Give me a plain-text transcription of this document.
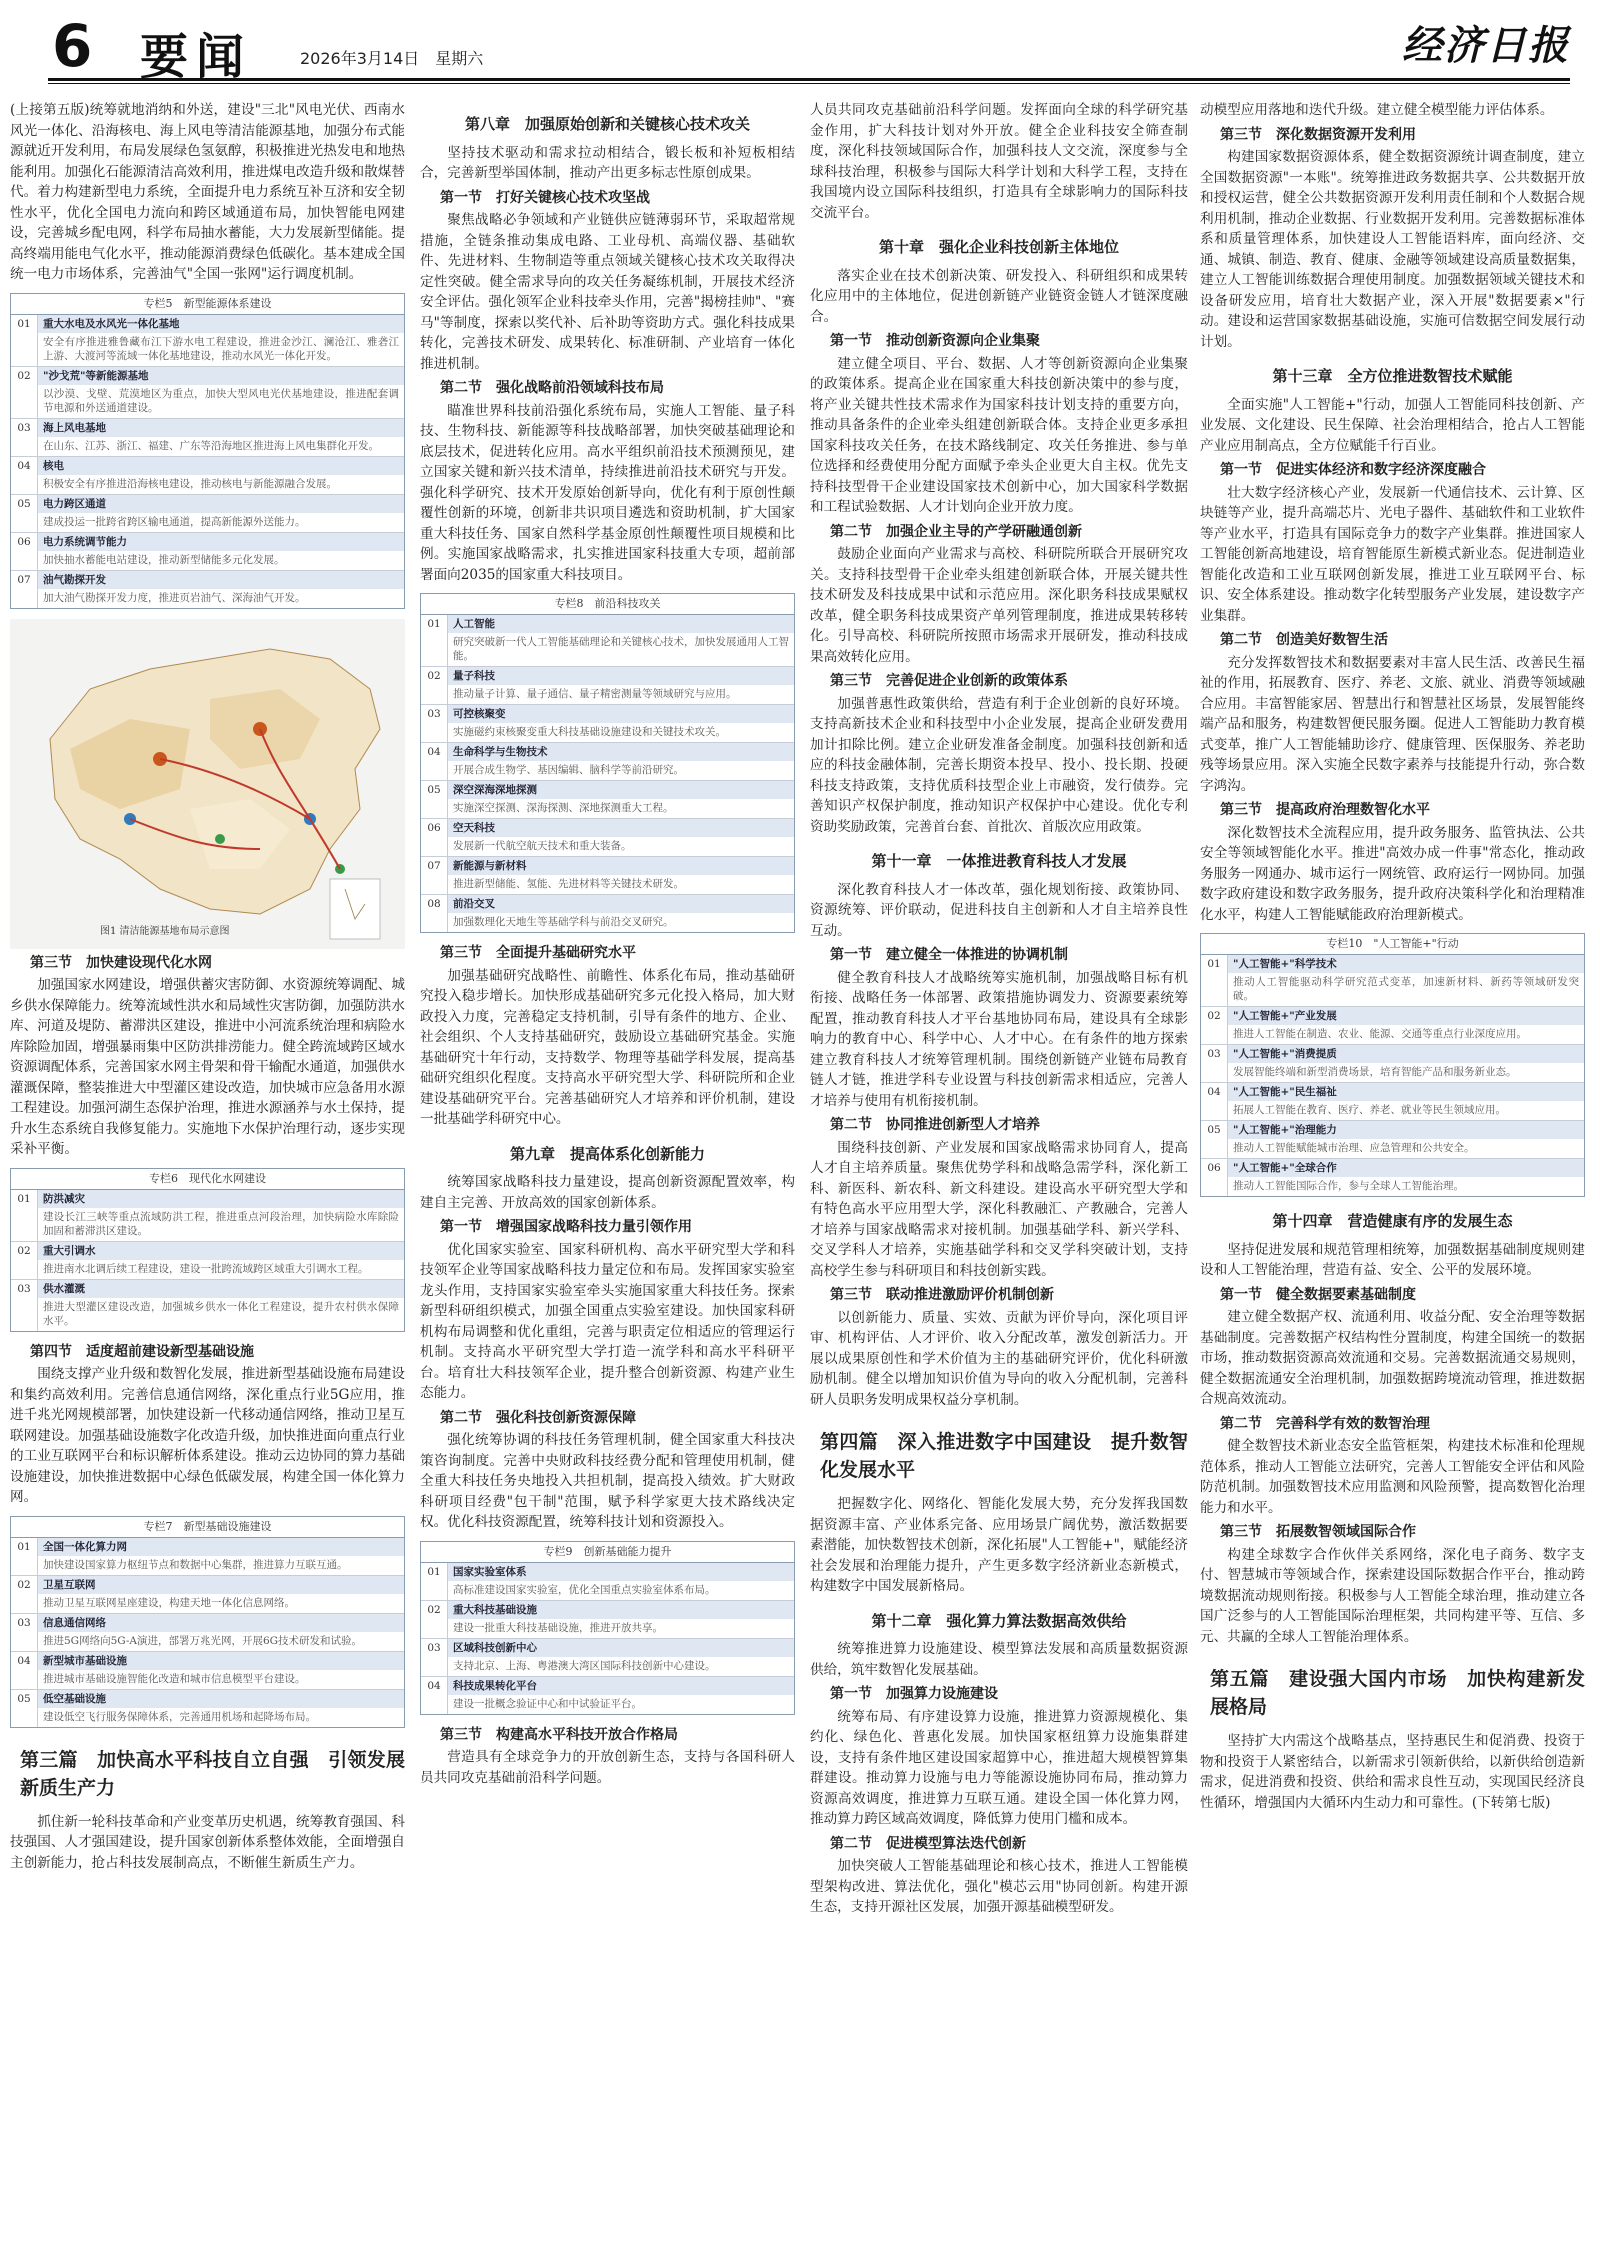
6 要闻	2026年3月14日　星期六	经济日报

(上接第五版)统筹就地消纳和外送，建设"三北"风电光伏、西南水风光一体化、沿海核电、海上风电等清洁能源基地，加强分布式能源就近开发利用，布局发展绿色氢氨醇，积极推进光热发电和地热能利用。加强化石能源清洁高效利用，推进煤电改造升级和散煤替代。着力构建新型电力系统，全面提升电力系统互补互济和安全韧性水平，优化全国电力流向和跨区域通道布局，加快智能电网建设，完善城乡配电网，科学布局抽水蓄能，大力发展新型储能。提高终端用能电气化水平，推动能源消费绿色低碳化。基本建成全国统一电力市场体系，完善油气"全国一张网"运行调度机制。

专栏5　新型能源体系建设
01	重大水电及水风光一体化基地
安全有序推进雅鲁藏布江下游水电工程建设，推进金沙江、澜沧江、雅砻江上游、大渡河等流域一体化基地建设，推动水风光一体化开发。
02	"沙戈荒"等新能源基地
以沙漠、戈壁、荒漠地区为重点，加快大型风电光伏基地建设，推进配套调节电源和外送通道建设。
03	海上风电基地
在山东、江苏、浙江、福建、广东等沿海地区推进海上风电集群化开发。
04	核电
积极安全有序推进沿海核电建设，推动核电与新能源融合发展。
05	电力跨区通道
建成投运一批跨省跨区输电通道，提高新能源外送能力。
06	电力系统调节能力
加快抽水蓄能电站建设，推动新型储能多元化发展。
07	油气勘探开发
加大油气勘探开发力度，推进页岩油气、深海油气开发。
图1 清洁能源基地布局示意图
第三节　加快建设现代化水网

加强国家水网建设，增强供蓄灾害防御、水资源统筹调配、城乡供水保障能力。统筹流域性洪水和局域性灾害防御，加强防洪水库、河道及堤防、蓄滞洪区建设，推进中小河流系统治理和病险水库除险加固，增强暴雨集中区防洪排涝能力。健全跨流域跨区域水资源调配体系，完善国家水网主骨架和骨干输配水通道，加强供水灌溉保障，整装推进大中型灌区建设改造，加快城市应急备用水源工程建设。加强河湖生态保护治理，推进水源涵养与水土保持，提升水生态系统自我修复能力。实施地下水保护治理行动，逐步实现采补平衡。

专栏6　现代化水网建设
01	防洪减灾
建设长江三峡等重点流域防洪工程，推进重点河段治理，加快病险水库除险加固和蓄滞洪区建设。
02	重大引调水
推进南水北调后续工程建设，建设一批跨流域跨区域重大引调水工程。
03	供水灌溉
推进大型灌区建设改造，加强城乡供水一体化工程建设，提升农村供水保障水平。
第四节　适度超前建设新型基础设施

围绕支撑产业升级和数智化发展，推进新型基础设施布局建设和集约高效利用。完善信息通信网络，深化重点行业5G应用，推进千兆光网规模部署，加快建设新一代移动通信网络，推动卫星互联网建设。加强基础设施数字化改造升级，加快推进面向重点行业的工业互联网平台和标识解析体系建设。推动云边协同的算力基础设施建设，加快推进数据中心绿色低碳发展，构建全国一体化算力网。

专栏7　新型基础设施建设
01	全国一体化算力网
加快建设国家算力枢纽节点和数据中心集群，推进算力互联互通。
02	卫星互联网
推动卫星互联网星座建设，构建天地一体化信息网络。
03	信息通信网络
推进5G网络向5G-A演进，部署万兆光网，开展6G技术研发和试验。
04	新型城市基础设施
推进城市基础设施智能化改造和城市信息模型平台建设。
05	低空基础设施
建设低空飞行服务保障体系，完善通用机场和起降场布局。
第三篇　加快高水平科技自立自强　引领发展新质生产力

抓住新一轮科技革命和产业变革历史机遇，统筹教育强国、科技强国、人才强国建设，提升国家创新体系整体效能，全面增强自主创新能力，抢占科技发展制高点，不断催生新质生产力。

第八章　加强原始创新和关键核心技术攻关

坚持技术驱动和需求拉动相结合，锻长板和补短板相结合，完善新型举国体制，推动产出更多标志性原创成果。

第一节　打好关键核心技术攻坚战

聚焦战略必争领域和产业链供应链薄弱环节，采取超常规措施，全链条推动集成电路、工业母机、高端仪器、基础软件、先进材料、生物制造等重点领域关键核心技术攻关取得决定性突破。健全需求导向的攻关任务凝练机制，开展技术经济安全评估。强化领军企业科技牵头作用，完善"揭榜挂帅"、"赛马"等制度，探索以奖代补、后补助等资助方式。强化科技成果转化，完善技术研发、成果转化、标准研制、产业培育一体化推进机制。

第二节　强化战略前沿领域科技布局

瞄准世界科技前沿强化系统布局，实施人工智能、量子科技、生物科技、新能源等科技战略部署，加快突破基础理论和底层技术，促进转化应用。高水平组织前沿技术预测预见，建立国家关键和新兴技术清单，持续推进前沿技术研究与开发。强化科学研究、技术开发原始创新导向，优化有利于原创性颠覆性创新的环境，创新非共识项目遴选和资助机制，扩大国家重大科技任务、国家自然科学基金原创性颠覆性项目规模和比例。实施国家战略需求，扎实推进国家科技重大专项，超前部署面向2035的国家重大科技项目。

专栏8　前沿科技攻关
01	人工智能
研究突破新一代人工智能基础理论和关键核心技术，加快发展通用人工智能。
02	量子科技
推动量子计算、量子通信、量子精密测量等领域研究与应用。
03	可控核聚变
实施磁约束核聚变重大科技基础设施建设和关键技术攻关。
04	生命科学与生物技术
开展合成生物学、基因编辑、脑科学等前沿研究。
05	深空深海深地探测
实施深空探测、深海探测、深地探测重大工程。
06	空天科技
发展新一代航空航天技术和重大装备。
07	新能源与新材料
推进新型储能、氢能、先进材料等关键技术研发。
08	前沿交叉
加强数理化天地生等基础学科与前沿交叉研究。
第三节　全面提升基础研究水平

加强基础研究战略性、前瞻性、体系化布局，推动基础研究投入稳步增长。加快形成基础研究多元化投入格局，加大财政投入力度，完善稳定支持机制，引导有条件的地方、企业、社会组织、个人支持基础研究，鼓励设立基础研究基金。实施基础研究十年行动，支持数学、物理等基础学科发展，提高基础研究组织化程度。支持高水平研究型大学、科研院所和企业建设基础研究平台。完善基础研究人才培养和评价机制，建设一批基础学科研究中心。

第九章　提高体系化创新能力

统筹国家战略科技力量建设，提高创新资源配置效率，构建自主完善、开放高效的国家创新体系。

第一节　增强国家战略科技力量引领作用

优化国家实验室、国家科研机构、高水平研究型大学和科技领军企业等国家战略科技力量定位和布局。发挥国家实验室龙头作用，支持国家实验室牵头实施国家重大科技任务。探索新型科研组织模式，加强全国重点实验室建设。加快国家科研机构布局调整和优化重组，完善与职责定位相适应的管理运行机制。支持高水平研究型大学打造一流学科和高水平科研平台。培育壮大科技领军企业，提升整合创新资源、构建产业生态能力。

第二节　强化科技创新资源保障

强化统筹协调的科技任务管理机制，健全国家重大科技决策咨询制度。完善中央财政科技经费分配和管理使用机制，健全重大科技任务央地投入共担机制，提高投入绩效。扩大财政科研项目经费"包干制"范围，赋予科学家更大技术路线决定权。优化科技资源配置，统筹科技计划和资源投入。

专栏9　创新基础能力提升
01	国家实验室体系
高标准建设国家实验室，优化全国重点实验室体系布局。
02	重大科技基础设施
建设一批重大科技基础设施，推进开放共享。
03	区域科技创新中心
支持北京、上海、粤港澳大湾区国际科技创新中心建设。
04	科技成果转化平台
建设一批概念验证中心和中试验证平台。
第三节　构建高水平科技开放合作格局

营造具有全球竞争力的开放创新生态，支持与各国科研人员共同攻克基础前沿科学问题。

人员共同攻克基础前沿科学问题。发挥面向全球的科学研究基金作用，扩大科技计划对外开放。健全企业科技安全筛查制度，深化科技领域国际合作，加强科技人文交流，深度参与全球科技治理，积极参与国际大科学计划和大科学工程，支持在我国境内设立国际科技组织，打造具有全球影响力的国际科技交流平台。

第十章　强化企业科技创新主体地位

落实企业在技术创新决策、研发投入、科研组织和成果转化应用中的主体地位，促进创新链产业链资金链人才链深度融合。

第一节　推动创新资源向企业集聚

建立健全项目、平台、数据、人才等创新资源向企业集聚的政策体系。提高企业在国家重大科技创新决策中的参与度，将产业关键共性技术需求作为国家科技计划支持的重要方向，推动具备条件的企业牵头组建创新联合体。支持企业更多承担国家科技攻关任务，在技术路线制定、攻关任务推进、参与单位选择和经费使用分配方面赋予牵头企业更大自主权。优先支持科技型骨干企业建设国家技术创新中心，加大国家科学数据和工程试验数据、人才计划向企业开放力度。

第二节　加强企业主导的产学研融通创新

鼓励企业面向产业需求与高校、科研院所联合开展研究攻关。支持科技型骨干企业牵头组建创新联合体，开展关键共性技术研发及科技成果中试和示范应用。深化职务科技成果赋权改革，健全职务科技成果资产单列管理制度，推进成果转移转化。引导高校、科研院所按照市场需求开展研发，推动科技成果高效转化应用。

第三节　完善促进企业创新的政策体系

加强普惠性政策供给，营造有利于企业创新的良好环境。支持高新技术企业和科技型中小企业发展，提高企业研发费用加计扣除比例。建立企业研发准备金制度。加强科技创新和适应的科技金融体制，完善长期资本投早、投小、投长期、投硬科技支持政策，支持优质科技型企业上市融资，发行债券。完善知识产权保护制度，推动知识产权保护中心建设。优化专利资助奖励政策，完善首台套、首批次、首版次应用政策。

第十一章　一体推进教育科技人才发展

深化教育科技人才一体改革，强化规划衔接、政策协同、资源统筹、评价联动，促进科技自主创新和人才自主培养良性互动。

第一节　建立健全一体推进的协调机制

健全教育科技人才战略统筹实施机制，加强战略目标有机衔接、战略任务一体部署、政策措施协调发力、资源要素统筹配置，推动教育科技人才平台基地协同布局，建设具有全球影响力的教育中心、科学中心、人才中心。在有条件的地方探索建立教育科技人才统筹管理机制。围绕创新链产业链布局教育链人才链，推进学科专业设置与科技创新需求相适应，完善人才培养与使用有机衔接机制。

第二节　协同推进创新型人才培养

围绕科技创新、产业发展和国家战略需求协同育人，提高人才自主培养质量。聚焦优势学科和战略急需学科，深化新工科、新医科、新农科、新文科建设。建设高水平研究型大学和有特色高水平应用型大学，深化科教融汇、产教融合，完善人才培养与国家战略需求对接机制。加强基础学科、新兴学科、交叉学科人才培养，实施基础学科和交叉学科突破计划，支持高校学生参与科研项目和科技创新实践。

第三节　联动推进激励评价机制创新

以创新能力、质量、实效、贡献为评价导向，深化项目评审、机构评估、人才评价、收入分配改革，激发创新活力。开展以成果原创性和学术价值为主的基础研究评价，优化科研激励机制。健全以增加知识价值为导向的收入分配机制，完善科研人员职务发明成果权益分享机制。

第四篇　深入推进数字中国建设　提升数智化发展水平

把握数字化、网络化、智能化发展大势，充分发挥我国数据资源丰富、产业体系完备、应用场景广阔优势，激活数据要素潜能，加快数智技术创新，深化拓展"人工智能+"，赋能经济社会发展和治理能力提升，产生更多数字经济新业态新模式，构建数字中国发展新格局。

第十二章　强化算力算法数据高效供给

统筹推进算力设施建设、模型算法发展和高质量数据资源供给，筑牢数智化发展基础。

第一节　加强算力设施建设

统筹布局、有序建设算力设施，推进算力资源规模化、集约化、绿色化、普惠化发展。加快国家枢纽算力设施集群建设，支持有条件地区建设国家超算中心，推进超大规模智算集群建设。推动算力设施与电力等能源设施协同布局，推动算力资源高效调度，推进算力互联互通。建设全国一体化算力网，推动算力跨区域高效调度，降低算力使用门槛和成本。

第二节　促进模型算法迭代创新

加快突破人工智能基础理论和核心技术，推进人工智能模型架构改进、算法优化，强化"模芯云用"协同创新。构建开源生态，支持开源社区发展，加强开源基础模型研发。

动模型应用落地和迭代升级。建立健全模型能力评估体系。

第三节　深化数据资源开发利用

构建国家数据资源体系，健全数据资源统计调查制度，建立全国数据资源"一本账"。统筹推进政务数据共享、公共数据开放和授权运营，健全公共数据资源开发利用责任制和个人数据合规利用机制，推动企业数据、行业数据开发利用。完善数据标准体系和质量管理体系，加快建设人工智能语料库，面向经济、交通、城镇、制造、教育、健康、金融等领域建设高质量数据集，建立人工智能训练数据合理使用制度。加强数据领域关键技术和设备研发应用，培育壮大数据产业，深入开展"数据要素×"行动。建设和运营国家数据基础设施，实施可信数据空间发展行动计划。

第十三章　全方位推进数智技术赋能

全面实施"人工智能+"行动，加强人工智能同科技创新、产业发展、文化建设、民生保障、社会治理相结合，抢占人工智能产业应用制高点，全方位赋能千行百业。

第一节　促进实体经济和数字经济深度融合

壮大数字经济核心产业，发展新一代通信技术、云计算、区块链等产业，提升高端芯片、光电子器件、基础软件和工业软件等产业水平，打造具有国际竞争力的数字产业集群。推进国家人工智能创新高地建设，培育智能原生新模式新业态。促进制造业智能化改造和工业互联网创新发展，推进工业互联网平台、标识、安全体系建设。推动数字化转型服务产业发展，建设数字产业集群。

第二节　创造美好数智生活

充分发挥数智技术和数据要素对丰富人民生活、改善民生福祉的作用，拓展教育、医疗、养老、文旅、就业、消费等领域融合应用。丰富智能家居、智慧出行和智慧社区场景，发展智能终端产品和服务，构建数智便民服务圈。促进人工智能助力教育模式变革，推广人工智能辅助诊疗、健康管理、医保服务、养老助残等场景应用。深入实施全民数字素养与技能提升行动，弥合数字鸿沟。

第三节　提高政府治理数智化水平

深化数智技术全流程应用，提升政务服务、监管执法、公共安全等领域智能化水平。推进"高效办成一件事"常态化，推动政务服务一网通办、城市运行一网统管、政府运行一网协同。加强数字政府建设和数字政务服务，提升政府决策科学化和治理精准化水平，构建人工智能赋能政府治理新模式。

专栏10　"人工智能+"行动
01	"人工智能+"科学技术
推动人工智能驱动科学研究范式变革，加速新材料、新药等领域研发突破。
02	"人工智能+"产业发展
推进人工智能在制造、农业、能源、交通等重点行业深度应用。
03	"人工智能+"消费提质
发展智能终端和新型消费场景，培育智能产品和服务新业态。
04	"人工智能+"民生福祉
拓展人工智能在教育、医疗、养老、就业等民生领域应用。
05	"人工智能+"治理能力
推动人工智能赋能城市治理、应急管理和公共安全。
06	"人工智能+"全球合作
推动人工智能国际合作，参与全球人工智能治理。
第十四章　营造健康有序的发展生态

坚持促进发展和规范管理相统筹，加强数据基础制度规则建设和人工智能治理，营造有益、安全、公平的发展环境。

第一节　健全数据要素基础制度

建立健全数据产权、流通利用、收益分配、安全治理等数据基础制度。完善数据产权结构性分置制度，构建全国统一的数据市场，推动数据资源高效流通和交易。完善数据流通交易规则，健全数据流通安全治理机制，加强数据跨境流动管理，推进数据合规高效流动。

第二节　完善科学有效的数智治理

健全数智技术新业态安全监管框架，构建技术标准和伦理规范体系，推动人工智能立法研究，完善人工智能安全评估和风险防范机制。加强数智技术应用监测和风险预警，提高数智化治理能力和水平。

第三节　拓展数智领域国际合作

构建全球数字合作伙伴关系网络，深化电子商务、数字支付、智慧城市等领域合作，探索建设国际数据合作平台，推动跨境数据流动规则衔接。积极参与人工智能全球治理，推动建立各国广泛参与的人工智能国际治理框架，共同构建平等、互信、多元、共赢的全球人工智能治理体系。

第五篇　建设强大国内市场　加快构建新发展格局

坚持扩大内需这个战略基点，坚持惠民生和促消费、投资于物和投资于人紧密结合，以新需求引领新供给，以新供给创造新需求，促进消费和投资、供给和需求良性互动，实现国民经济良性循环，增强国内大循环内生动力和可靠性。(下转第七版)
